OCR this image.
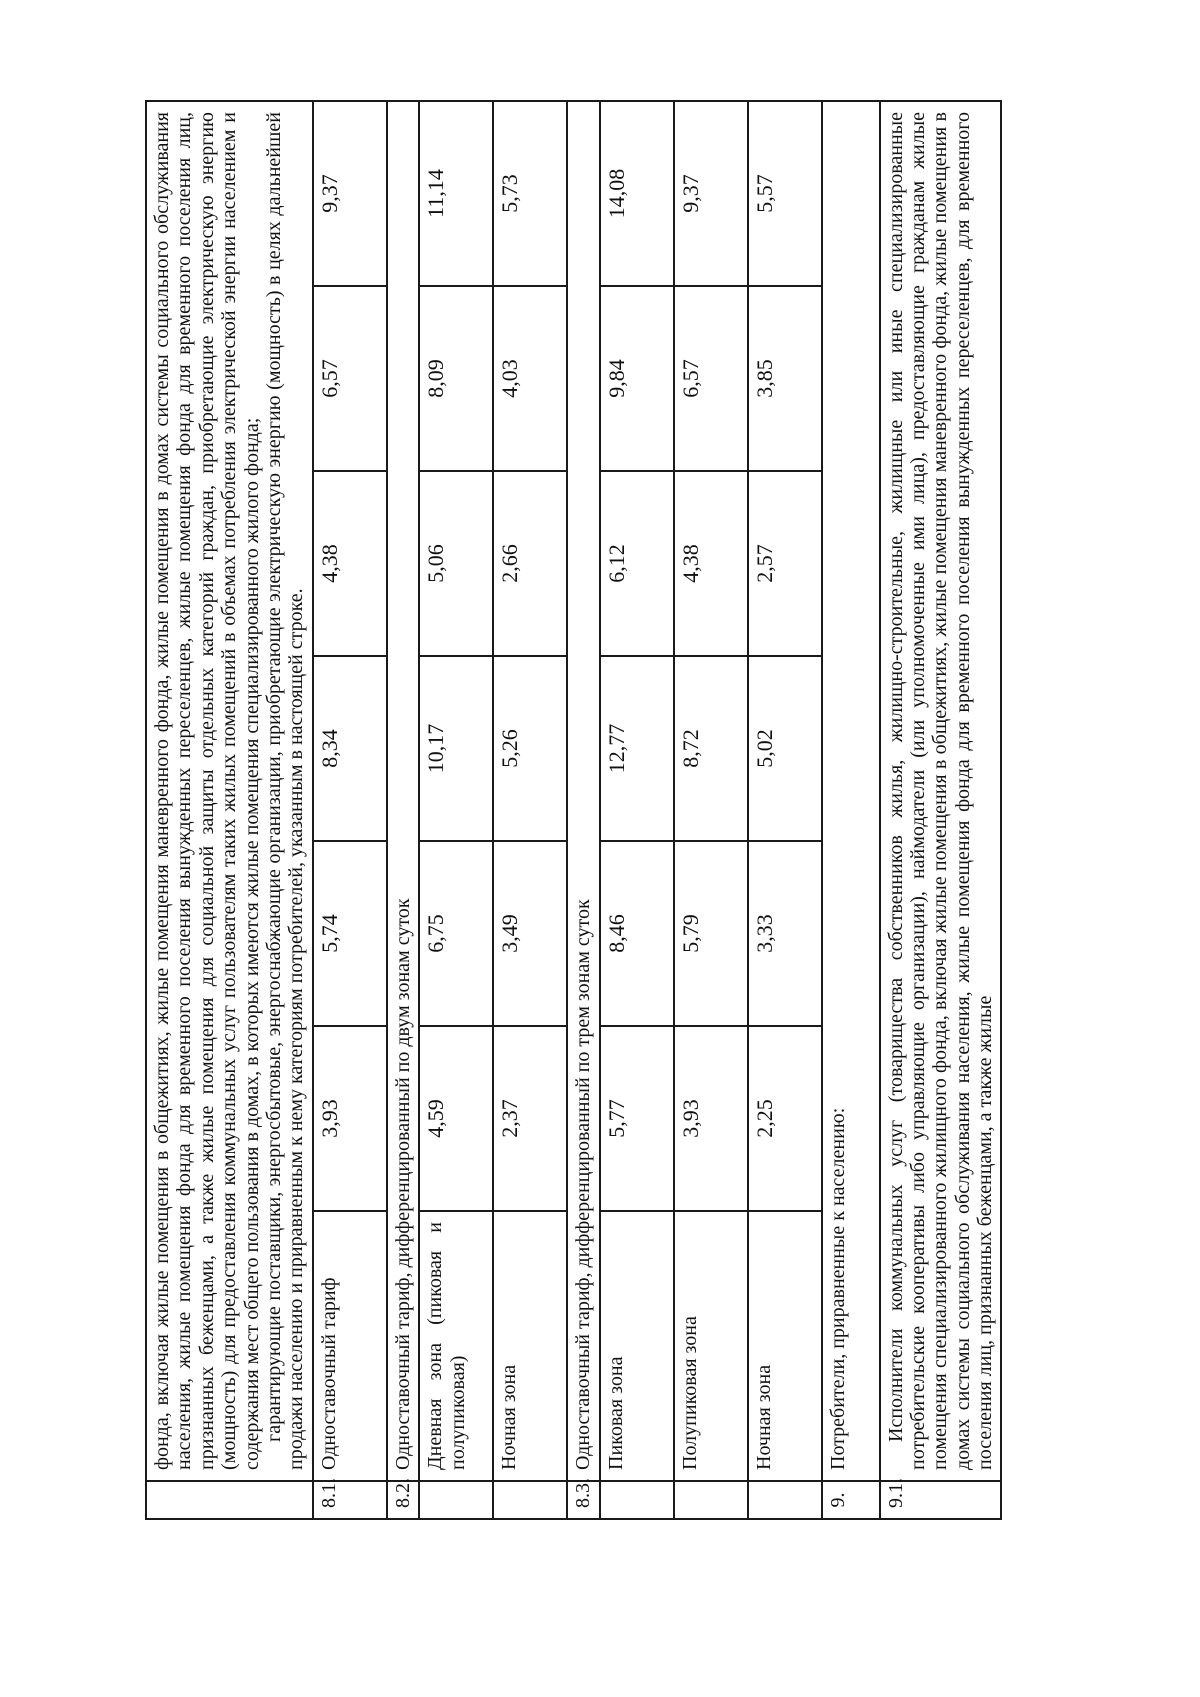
	фонда, включая жилые помещения в общежитиях, жилые помещения маневренного фонда, жилые помещения в домах системы социального обслуживания населения, жилые помещения фонда для временного поселения вынужденных переселенцев, жилые помещения фонда для временного поселения лиц, признанных беженцами, а также жилые помещения для социальной защиты отдельных категорий граждан, приобретающие электрическую энергию (мощность) для предоставления коммунальных услуг пользователям таких жилых помещений в объемах потребления электрической энергии населением и содержания мест общего пользования в домах, в которых имеются жилые помещения специализированного жилого фонда; гарантирующие поставщики, энергосбытовые, энергоснабжающие организации, приобретающие электрическую энергию (мощность) в целях дальнейшей продажи населению и приравненным к нему категориям потребителей, указанным в настоящей строке.						

8.1.	Одноставочный тариф	3,93	5,74	8,34	4,38	6,57	9,37
8.2.	Одноставочный тариф, дифференцированный по двум зонам суток						
	Дневная зона (пиковая и полупиковая)	4,59	6,75	10,17	5,06	8,09	11,14
	Ночная зона	2,37	3,49	5,26	2,66	4,03	5,73
8.3.	Одноставочный тариф, дифференцированный по трем зонам суток						
	Пиковая зона	5,77	8,46	12,77	6,12	9,84	14,08
	Полупиковая зона	3,93	5,79	8,72	4,38	6,57	9,37
	Ночная зона	2,25	3,33	5,02	2,57	3,85	5,57
9.	Потребители, приравненные к населению:						
9.1.	Исполнители коммунальных услуг (товарищества собственников жилья, жилищно-строительные, жилищные или иные специализированные потребительские кооперативы либо управляющие организации), наймодатели (или уполномоченные ими лица), предоставляющие гражданам жилые помещения специализированного жилищного фонда, включая жилые помещения в общежитиях, жилые помещения маневренного фонда, жилые помещения в домах системы социального обслуживания населения, жилые помещения фонда для временного поселения вынужденных переселенцев, для временного поселения лиц, признанных беженцами, а также жилые						
